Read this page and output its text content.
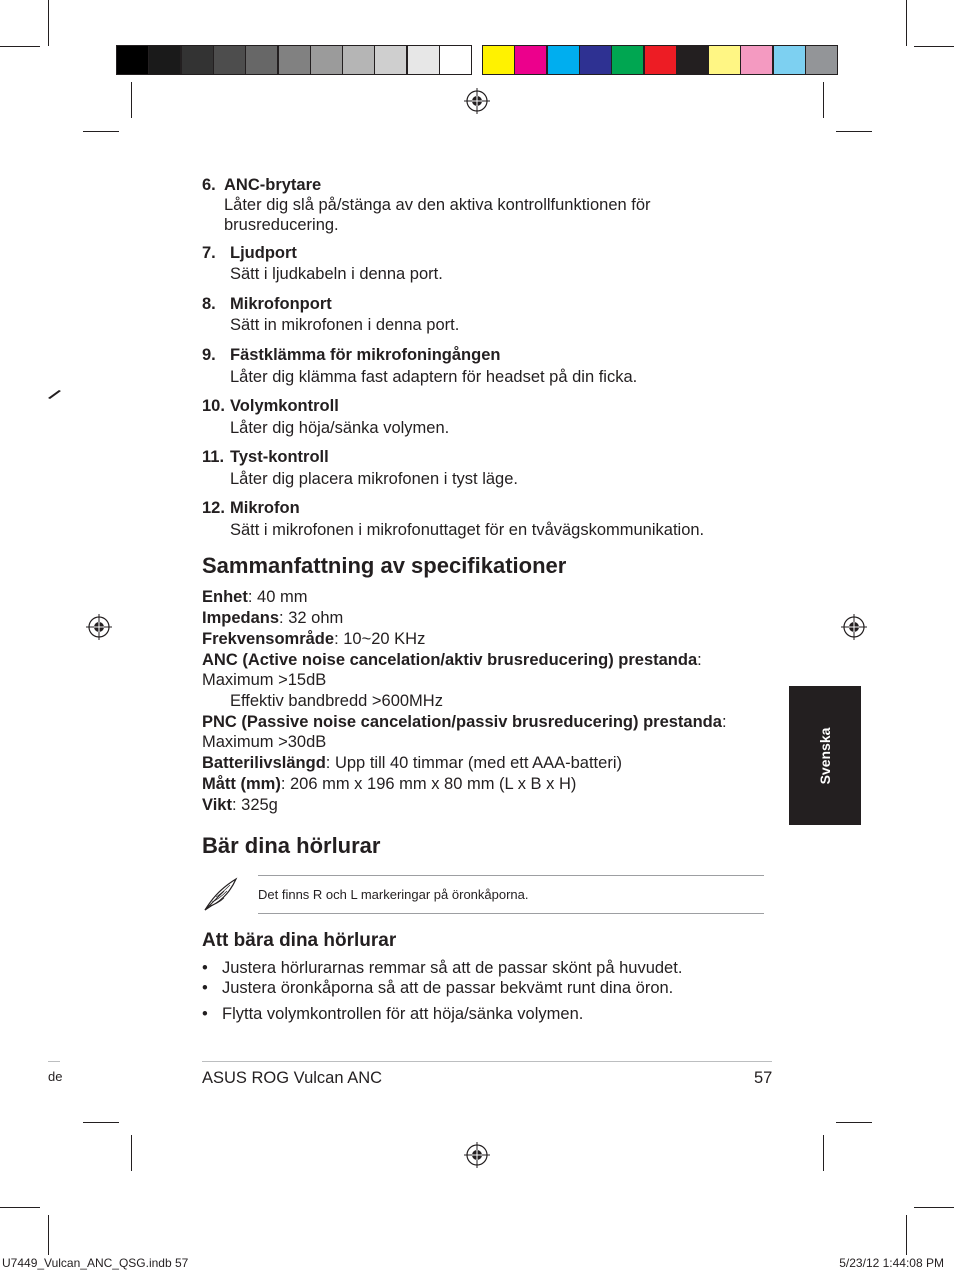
6. ANC-brytare
Låter dig slå på/stänga av den aktiva kontrollfunktionen för
brusreducering.
7. Ljudport
Sätt i ljudkabeln i denna port.
8. Mikrofonport
Sätt in mikrofonen i denna port.
9. Fästklämma för mikrofoningången
Låter dig klämma fast adaptern för headset på din ficka.
10. Volymkontroll
Låter dig höja/sänka volymen.
11. Tyst-kontroll
Låter dig placera mikrofonen i tyst läge.
12. Mikrofon
Sätt i mikrofonen i mikrofonuttaget för en tvåvägskommunikation.
Sammanfattning av specifikationer
Enhet: 40 mm
Impedans: 32 ohm
Frekvensområde: 10~20 KHz
ANC (Active noise cancelation/aktiv brusreducering) prestanda:
Maximum >15dB
Effektiv bandbredd >600MHz
PNC (Passive noise cancelation/passiv brusreducering) prestanda:
Maximum >30dB
Batterilivslängd: Upp till 40 timmar (med ett AAA-batteri)
Mått (mm): 206 mm x 196 mm x 80 mm (L x B x H)
Vikt: 325g
Bär dina hörlurar
Det finns R och L markeringar på öronkåporna.
Att bära dina hörlurar
• Justera hörlurarnas remmar så att de passar skönt på huvudet.
• Justera öronkåporna så att de passar bekvämt runt dina öron.
• Flytta volymkontrollen för att höja/sänka volymen.
Svenska
ASUS ROG Vulcan ANC	57
de
U7449_Vulcan_ANC_QSG.indb 57	5/23/12 1:44:08 PM
